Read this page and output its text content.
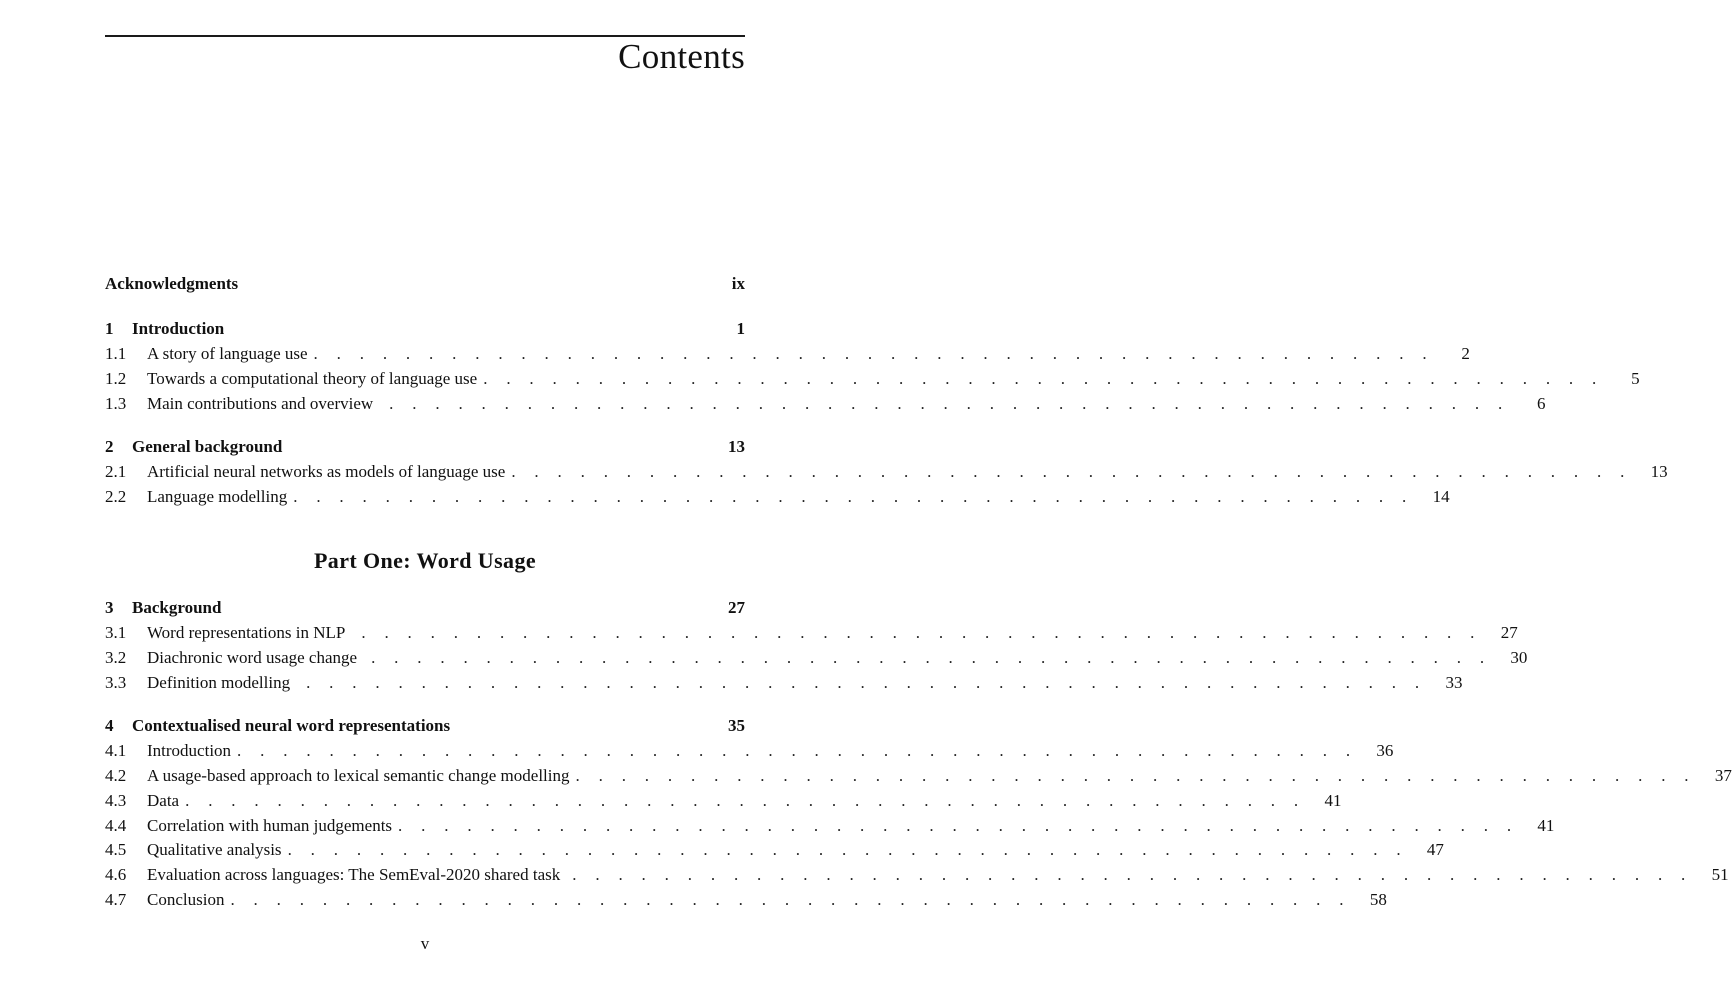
Contents
Acknowledgments	ix
1	Introduction	1
1.1	A story of language use . . . . . . . . . . . . . . . . . . . . . . . . . . . . . . . . . . . . . . . . . . . . . . . . .	2
1.2	Towards a computational theory of language use . . . . . . . . . . . . . . . . . . . . . . . . . . . . . . . . . . . . . . . . . . . . . . . . .	5
1.3	Main contributions and overview . . . . . . . . . . . . . . . . . . . . . . . . . . . . . . . . . . . . . . . . . . . . . . . . .	6
2	General background	13
2.1	Artificial neural networks as models of language use . . . . . . . . . . . . . . . . . . . . . . . . . . . . . . . . . . . . . . . . . . . . . . . . .	13
2.2	Language modelling . . . . . . . . . . . . . . . . . . . . . . . . . . . . . . . . . . . . . . . . . . . . . . . . .	14
Part One: Word Usage
3	Background	27
3.1	Word representations in NLP . . . . . . . . . . . . . . . . . . . . . . . . . . . . . . . . . . . . . . . . . . . . . . . . .	27
3.2	Diachronic word usage change . . . . . . . . . . . . . . . . . . . . . . . . . . . . . . . . . . . . . . . . . . . . . . . . .	30
3.3	Definition modelling . . . . . . . . . . . . . . . . . . . . . . . . . . . . . . . . . . . . . . . . . . . . . . . . .	33
4	Contextualised neural word representations	35
4.1	Introduction . . . . . . . . . . . . . . . . . . . . . . . . . . . . . . . . . . . . . . . . . . . . . . . . .	36
4.2	A usage-based approach to lexical semantic change modelling . . . . . . . . . . . . . . . . . . . . . . . . . . . . . . . . . . . . . . . . . . . . . . . . .	37
4.3	Data . . . . . . . . . . . . . . . . . . . . . . . . . . . . . . . . . . . . . . . . . . . . . . . . .	41
4.4	Correlation with human judgements . . . . . . . . . . . . . . . . . . . . . . . . . . . . . . . . . . . . . . . . . . . . . . . . .	41
4.5	Qualitative analysis . . . . . . . . . . . . . . . . . . . . . . . . . . . . . . . . . . . . . . . . . . . . . . . . .	47
4.6	Evaluation across languages: The SemEval-2020 shared task . . . . . . . . . . . . . . . . . . . . . . . . . . . . . . . . . . . . . . . . . . . . . . . . .	51
4.7	Conclusion . . . . . . . . . . . . . . . . . . . . . . . . . . . . . . . . . . . . . . . . . . . . . . . . .	58
v
